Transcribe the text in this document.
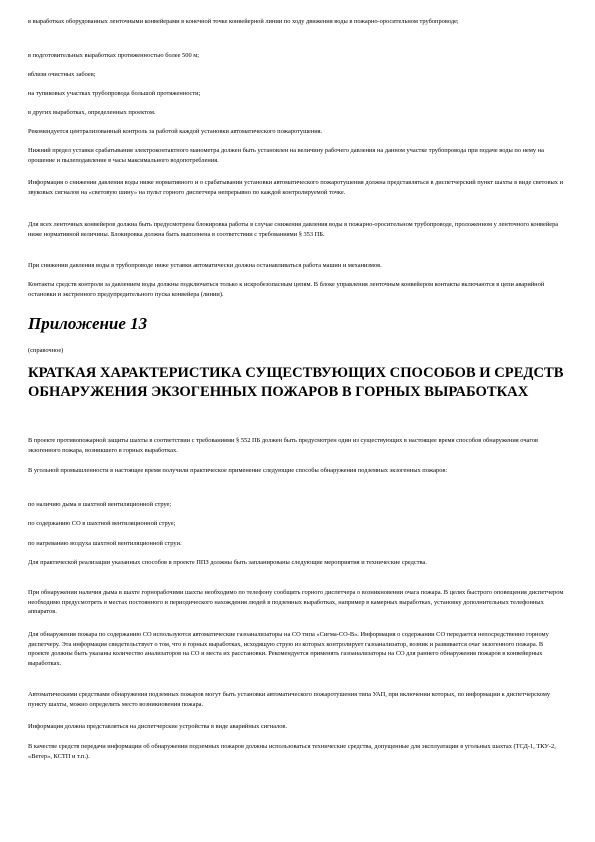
в выработках оборудованных ленточными конвейерами в конечной точке конвейерной линии по ходу движения воды в пожарно-оросительном трубопроводе;

в подготовительных выработках протяженностью более 500 м;

вблизи очистных забоев;

на тупиковых участках трубопровода большой протяженности;

в других выработках, определенных проектом.

Рекомендуется централизованный контроль за работой каждой установки автоматического пожаротушения.

Нижний предел уставки срабатывания электроконтактного манометра должен быть установлен на величину рабочего давления на данном участке трубопровода при подаче воды по нему на орошение и пылеподавление в часы максимального водопотребления.

Информация о снижении давления воды ниже нормативного и о срабатывании установки автоматического пожаротушения должна представляться в диспетчерский пункт шахты в виде световых и звуковых сигналов на «световую шину» на пульт горного диспетчера непрерывно по каждой контролируемой точке.

Для всех ленточных конвейеров должна быть предусмотрена блокировка работы в случае снижения давления воды в пожарно-оросительном трубопроводе, проложенном у ленточного конвейера ниже нормативной величины. Блокировка должна быть выполнена в соответствии с требованиями § 353 ПБ.

При снижении давления воды в трубопроводе ниже уставки автоматически должна останавливаться работа машин и механизмов.

Контакты средств контроля за давлением воды должны подключаться только к искробезопасным цепям. В блоке управления ленточным конвейером контакты включаются в цепи аварийной остановки и экстренного предупредительного пуска конвейера (линии).

Приложение 13

(справочное)

КРАТКАЯ ХАРАКТЕРИСТИКА СУЩЕСТВУЮЩИХ СПОСОБОВ И СРЕДСТВ ОБНАРУЖЕНИЯ ЭКЗОГЕННЫХ ПОЖАРОВ В ГОРНЫХ ВЫРАБОТКАХ

В проекте противопожарной защиты шахты в соответствии с требованиями § 552 ПБ должен быть предусмотрен один из существующих в настоящее время способов обнаружения очагов экзогенного пожара, возникшего в горных выработках.

В угольной промышленности в настоящее время получили практическое применение следующие способы обнаружения подземных экзогенных пожаров:

по наличию дыма в шахтной вентиляционной струе;

по содержанию СО в шахтной вентиляционной струе;

по нагреванию воздуха шахтной вентиляционной струи.

Для практической реализации указанных способов в проекте ППЗ должны быть запланированы следующие мероприятия и технические средства.

При обнаружении наличия дыма в шахте горнорабочими шахты необходимо по телефону сообщить горного диспетчера о возникновении очага пожара. В целях быстрого оповещения диспетчером необходимо предусмотреть в местах постоянного и периодического нахождения людей в подземных выработках, например в камерных выработках, установку дополнительных телефонных аппаратов.

Для обнаружения пожара по содержанию СО используются автоматические газоанализаторы на СО типа «Сигма-СО-В». Информация о содержании СО передается непосредственно горному диспетчеру. Эта информация свидетельствует о том, что в горных выработках, исходящую струю из которых контролирует газоанализатор, возник и развивается очаг экзогенного пожара. В проекте должны быть указаны количество анализаторов на СО и места их расстановки. Рекомендуется применять газоанализаторы на СО для раннего обнаружения пожаров в конвейерных выработках.

Автоматическими средствами обнаружения подземных пожаров могут быть установки автоматического пожаротушения типа УАП, при включении которых, по информации к диспетчерскому пункту шахты, можно определить место возникновения пожара.

Информация должна представляться на диспетчерские устройства в виде аварийных сигналов.

В качестве средств передачи информации об обнаружении подземных пожаров должны использоваться технические средства, допущенные для эксплуатации в угольных шахтах (ТСД-1, ТКУ-2, «Ветер», КСТП и т.п.).
